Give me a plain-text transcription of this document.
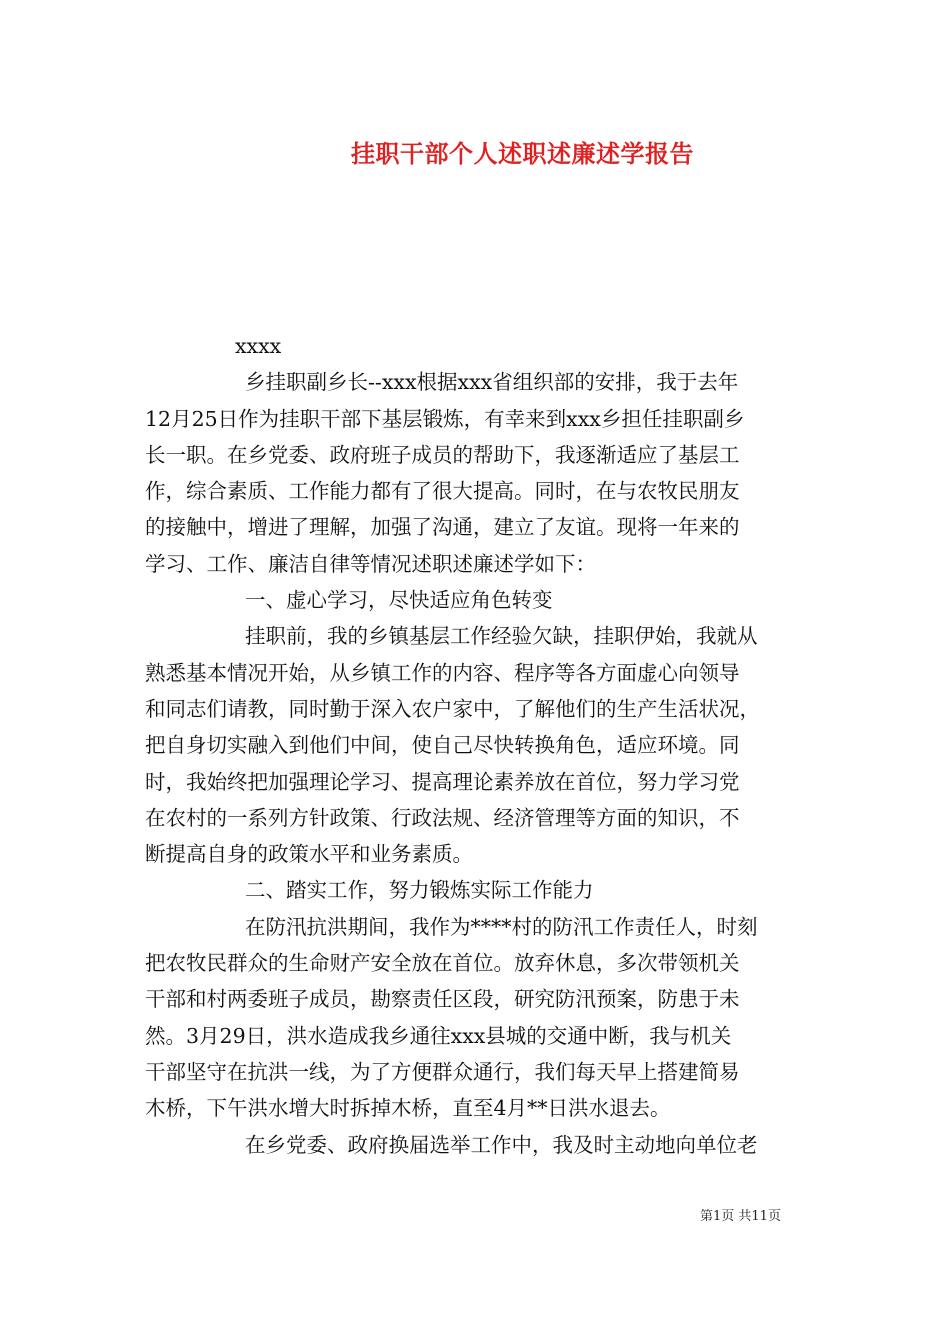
挂职干部个人述职述廉述学报告
xxxx
乡挂职副乡长--xxx根据xxx省组织部的安排，我于去年
12月25日作为挂职干部下基层锻炼，有幸来到xxx乡担任挂职副乡
长一职。在乡党委、政府班子成员的帮助下，我逐渐适应了基层工
作，综合素质、工作能力都有了很大提高。同时，在与农牧民朋友
的接触中，增进了理解，加强了沟通，建立了友谊。现将一年来的
学习、工作、廉洁自律等情况述职述廉述学如下：
一、虚心学习，尽快适应角色转变
挂职前，我的乡镇基层工作经验欠缺，挂职伊始，我就从
熟悉基本情况开始，从乡镇工作的内容、程序等各方面虚心向领导
和同志们请教，同时勤于深入农户家中，了解他们的生产生活状况，
把自身切实融入到他们中间，使自己尽快转换角色，适应环境。同
时，我始终把加强理论学习、提高理论素养放在首位，努力学习党
在农村的一系列方针政策、行政法规、经济管理等方面的知识，不
断提高自身的政策水平和业务素质。
二、踏实工作，努力锻炼实际工作能力
在防汛抗洪期间，我作为****村的防汛工作责任人，时刻
把农牧民群众的生命财产安全放在首位。放弃休息，多次带领机关
干部和村两委班子成员，勘察责任区段，研究防汛预案，防患于未
然。3月29日，洪水造成我乡通往xxx县城的交通中断，我与机关
干部坚守在抗洪一线，为了方便群众通行，我们每天早上搭建简易
木桥，下午洪水增大时拆掉木桥，直至4月**日洪水退去。
在乡党委、政府换届选举工作中，我及时主动地向单位老
第1页 共11页
